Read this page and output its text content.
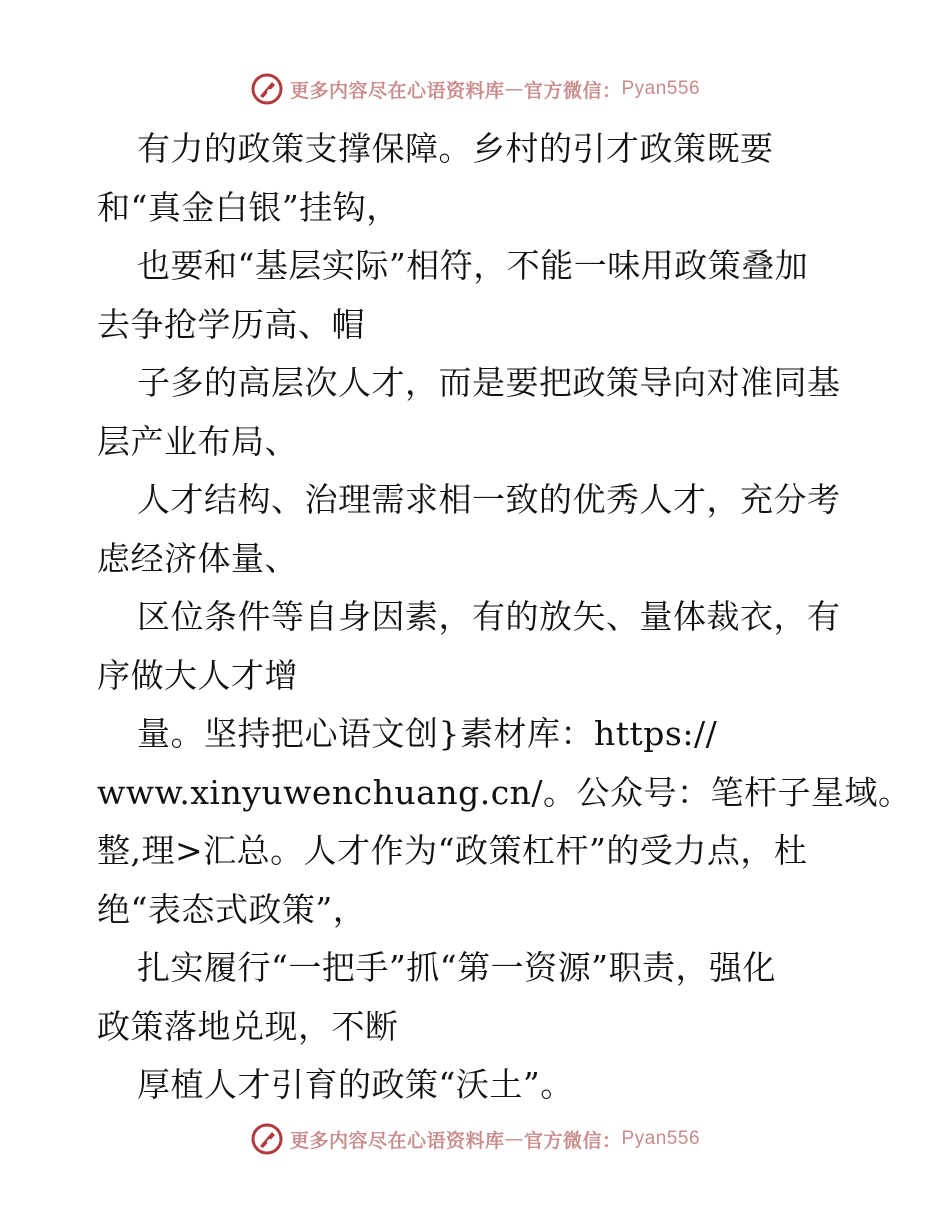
更多内容尽在心语资料库 — 官方微信： Pyan556
有力的政策支撑保障。乡村的引才政策既要
和“真金白银”挂钩，
也要和“基层实际”相符，不能一味用政策叠加
去争抢学历高、帽
子多的高层次人才，而是要把政策导向对准同基
层产业布局、
人才结构、治理需求相一致的优秀人才，充分考
虑经济体量、
区位条件等自身因素，有的放矢、量体裁衣，有
序做大人才增
量。坚持把心语文创}素材库：https://
www.xinyuwenchuang.cn/。公众号：笔杆子星域。
整,理>汇总。人才作为“政策杠杆”的受力点，杜
绝“表态式政策”，
扎实履行“一把手”抓“第一资源”职责，强化
政策落地兑现，不断
厚植人才引育的政策“沃土”。
更多内容尽在心语资料库 — 官方微信： Pyan556
